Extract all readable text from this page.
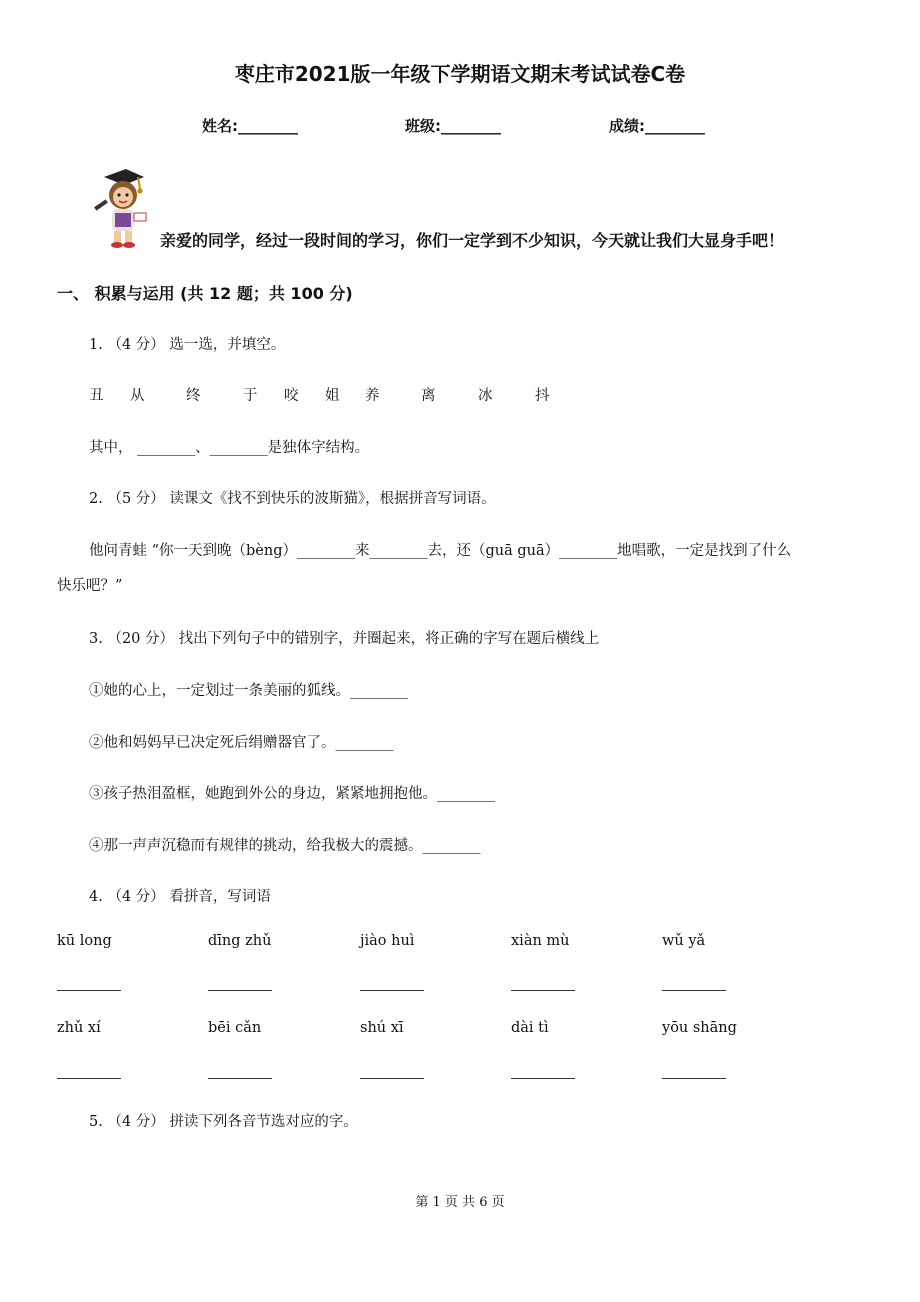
枣庄市2021版一年级下学期语文期末考试试卷C卷
姓名:________	班级:________	成绩:________
亲爱的同学，经过一段时间的学习，你们一定学到不少知识，今天就让我们大显身手吧！
一、 积累与运用 (共 12 题；共 100 分)
1. （4 分） 选一选，并填空。
丑 从	终	于 咬 姐 养	离	冰	抖
其中， ________、________是独体字结构。
2. （5 分） 读课文《找不到快乐的波斯猫》，根据拼音写词语。
他问青蛙 “你一天到晚（bèng）________来________去，还（guā guā）________地唱歌，一定是找到了什么
快乐吧？”
3. （20 分） 找出下列句子中的错别字，并圈起来，将正确的字写在题后横线上
①她的心上，一定划过一条美丽的狐线。________
②他和妈妈早已决定死后绢赠器官了。________
③孩子热泪盈框，她跑到外公的身边，紧紧地拥抱他。________
④那一声声沉稳而有规律的挑动，给我极大的震撼。________
4. （4 分） 看拼音，写词语
kū long	dīng zhǔ	jiào huì	xiàn mù	wǔ yǎ
zhǔ xí	bēi cǎn	shú xī	dài tì	yōu shāng
5. （4 分） 拼读下列各音节选对应的字。
第 1 页 共 6 页
